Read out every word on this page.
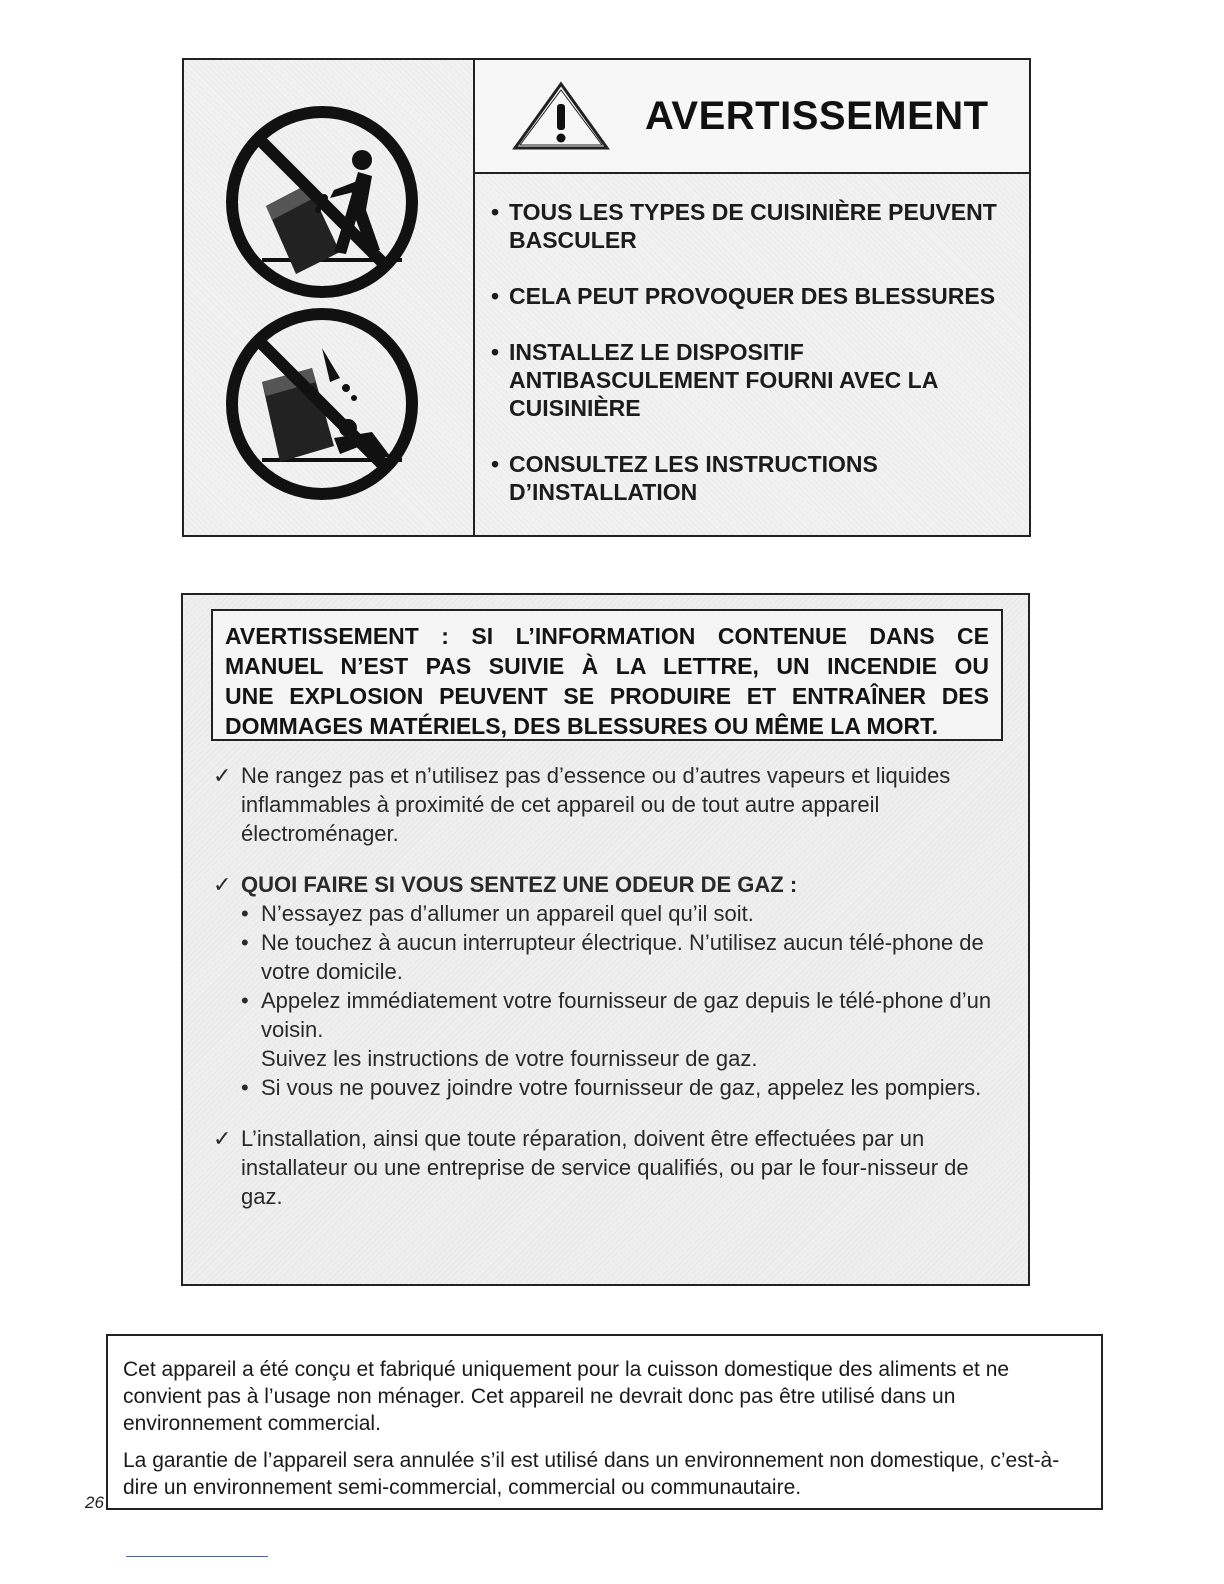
AVERTISSEMENT
• TOUS LES TYPES DE CUISINIÈRE PEUVENT BASCULER
• CELA PEUT PROVOQUER DES BLESSURES
• INSTALLEZ LE DISPOSITIF ANTIBASCULEMENT FOURNI AVEC LA CUISINIÈRE
• CONSULTEZ LES INSTRUCTIONS D’INSTALLATION
AVERTISSEMENT : SI L’INFORMATION CONTENUE DANS CE
MANUEL N’EST PAS SUIVIE À LA LETTRE, UN INCENDIE OU
UNE EXPLOSION PEUVENT SE PRODUIRE ET ENTRAÎNER DES
DOMMAGES MATÉRIELS, DES BLESSURES OU MÊME LA MORT.
✓ Ne rangez pas et n’utilisez pas d’essence ou d’autres vapeurs et liquides inflammables à proximité de cet appareil ou de tout autre appareil électroménager.
✓ QUOI FAIRE SI VOUS SENTEZ UNE ODEUR DE GAZ :
• N’essayez pas d’allumer un appareil quel qu’il soit.
• Ne touchez à aucun interrupteur électrique. N’utilisez aucun télé-phone de votre domicile.
• Appelez immédiatement votre fournisseur de gaz depuis le télé-phone d’un voisin.
Suivez les instructions de votre fournisseur de gaz.
• Si vous ne pouvez joindre votre fournisseur de gaz, appelez les pompiers.
✓ L’installation, ainsi que toute réparation, doivent être effectuées par un installateur ou une entreprise de service qualifiés, ou par le four-nisseur de gaz.

Cet appareil a été conçu et fabriqué uniquement pour la cuisson domestique des aliments et ne convient pas à l’usage non ménager. Cet appareil ne devrait donc pas être utilisé dans un environnement commercial.

La garantie de l’appareil sera annulée s’il est utilisé dans un environnement non domestique, c’est-à-dire un environnement semi-commercial, commercial ou communautaire.

26
